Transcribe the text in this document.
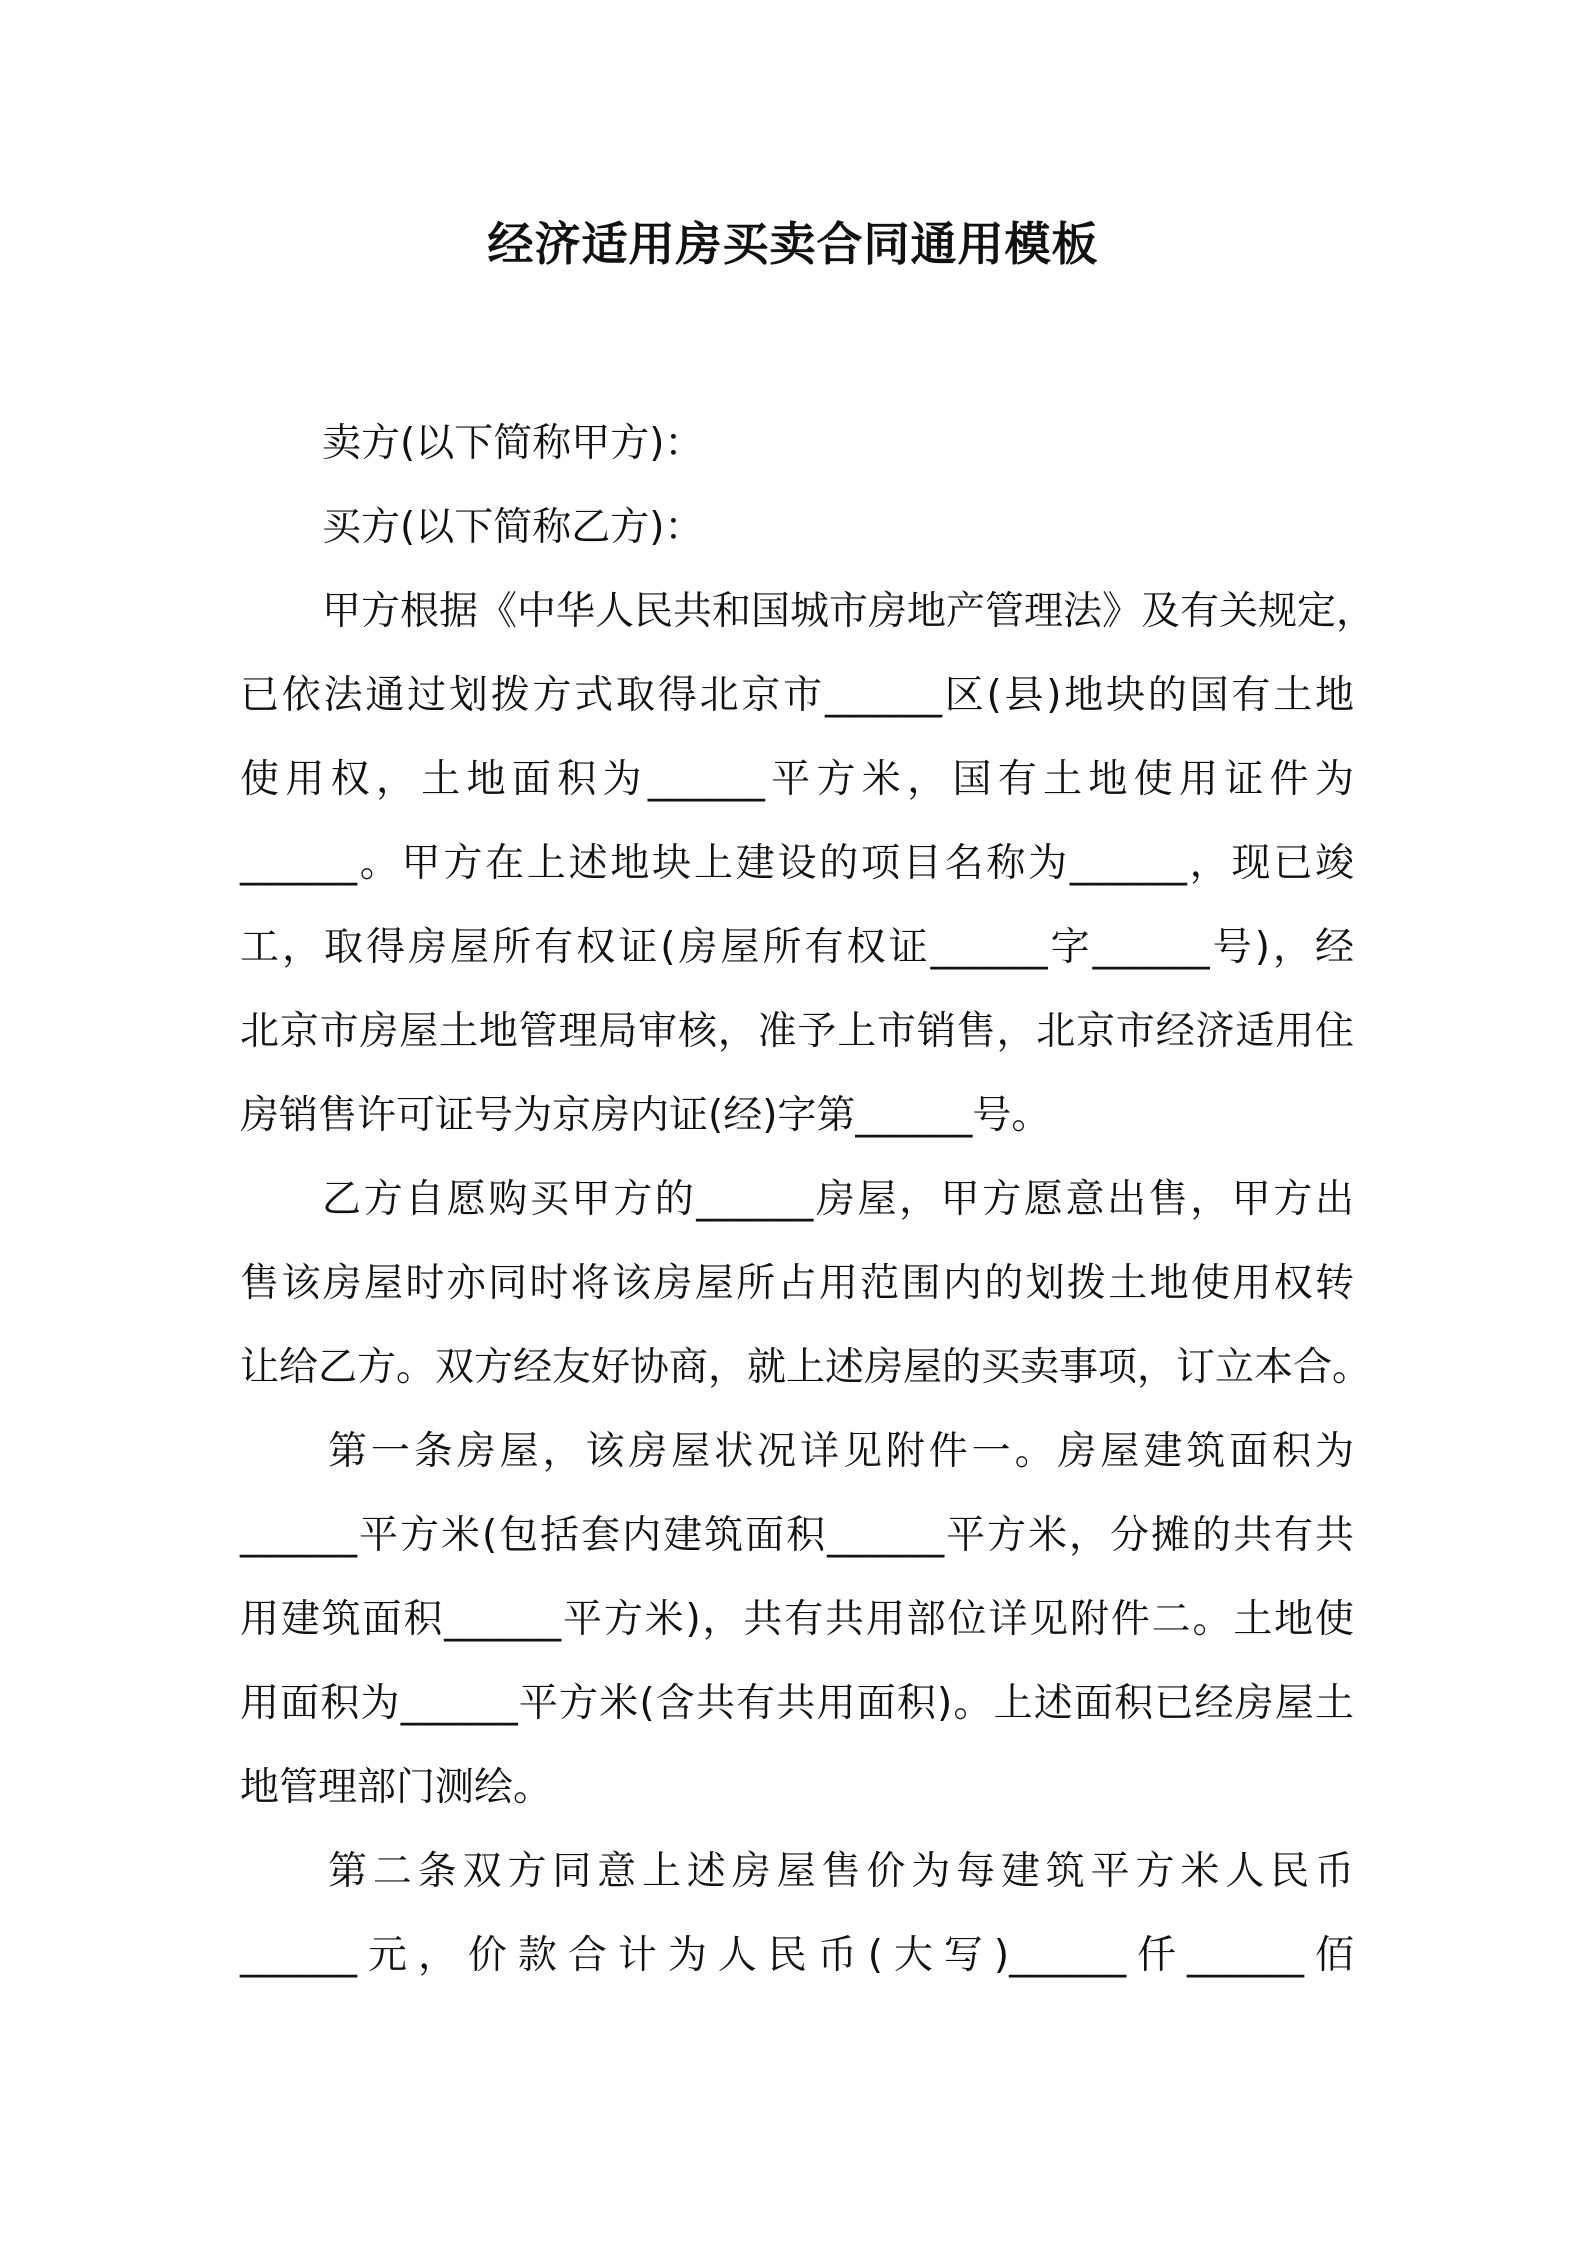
经济适用房买卖合同通用模板
卖方(以下简称甲方)：
买方(以下简称乙方)：
甲方根据《中华人民共和国城市房地产管理法》及有关规定，
已依法通过划拨方式取得北京市______区(县)地块的国有土地
使用权，土地面积为______平方米，国有土地使用证件为
______。甲方在上述地块上建设的项目名称为______，现已竣
工，取得房屋所有权证(房屋所有权证______字______号)，经
北京市房屋土地管理局审核，准予上市销售，北京市经济适用住
房销售许可证号为京房内证(经)字第______号。
乙方自愿购买甲方的______房屋，甲方愿意出售，甲方出
售该房屋时亦同时将该房屋所占用范围内的划拨土地使用权转
让给乙方。双方经友好协商，就上述房屋的买卖事项，订立本合。
第一条房屋，该房屋状况详见附件一。房屋建筑面积为
______平方米(包括套内建筑面积______平方米，分摊的共有共
用建筑面积______平方米)，共有共用部位详见附件二。土地使
用面积为______平方米(含共有共用面积)。上述面积已经房屋土
地管理部门测绘。
第二条双方同意上述房屋售价为每建筑平方米人民币
______元，价款合计为人民币(大写)______仟______佰
